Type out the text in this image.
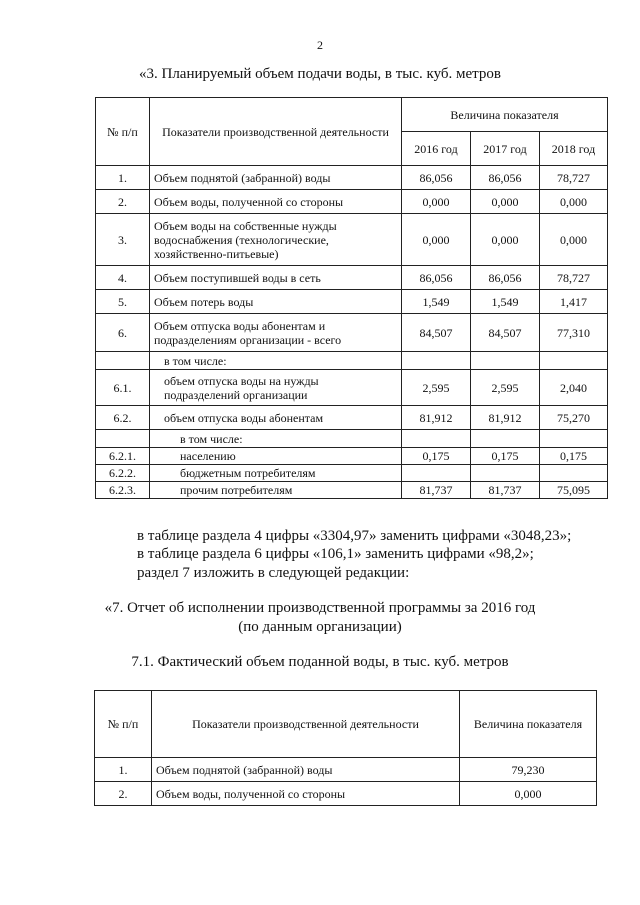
2
«3. Планируемый объем подачи воды, в тыс. куб. метров
№ п/п	Показатели производственной деятельности	Величина показателя		
		2016 год	2017 год	2018 год
1.	Объем поднятой (забранной) воды	86,056	86,056	78,727
2.	Объем воды, полученной со стороны	0,000	0,000	0,000
3.	Объем воды на собственные нужды водоснабжения (технологические, хозяйственно-питьевые)	0,000	0,000	0,000
4.	Объем поступившей воды в сеть	86,056	86,056	78,727
5.	Объем потерь воды	1,549	1,549	1,417
6.	Объем отпуска воды абонентам и подразделениям организации - всего	84,507	84,507	77,310
	в том числе:			
6.1.	объем отпуска воды на нужды подразделений организации	2,595	2,595	2,040
6.2.	объем отпуска воды абонентам	81,912	81,912	75,270
	в том числе:			
6.2.1.	населению	0,175	0,175	0,175
6.2.2.	бюджетным потребителям			
6.2.3.	прочим потребителям	81,737	81,737	75,095
в таблице раздела 4 цифры «3304,97» заменить цифрами «3048,23»;
в таблице раздела 6 цифры «106,1» заменить цифрами «98,2»;
раздел 7 изложить в следующей редакции:
«7. Отчет об исполнении производственной программы за 2016 год
(по данным организации)
7.1. Фактический объем поданной воды, в тыс. куб. метров
№ п/п	Показатели производственной деятельности	Величина показателя
1.	Объем поднятой (забранной) воды	79,230
2.	Объем воды, полученной со стороны	0,000
